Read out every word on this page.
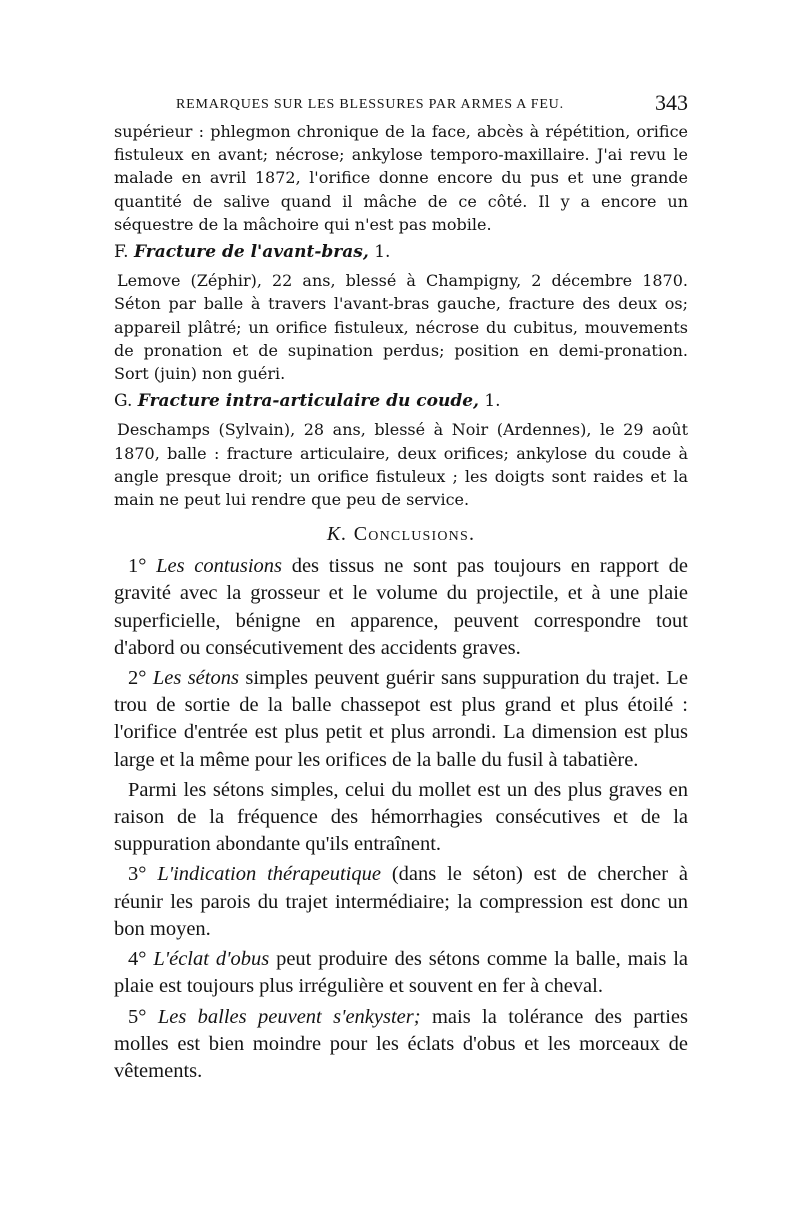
REMARQUES SUR LES BLESSURES PAR ARMES A FEU.	343

supérieur : phlegmon chronique de la face, abcès à répétition, orifice fistuleux en avant; nécrose; ankylose temporo-maxillaire. J'ai revu le malade en avril 1872, l'orifice donne encore du pus et une grande quantité de salive quand il mâche de ce côté. Il y a encore un séquestre de la mâchoire qui n'est pas mobile.

F. Fracture de l'avant-bras, 1.

Lemove (Zéphir), 22 ans, blessé à Champigny, 2 décembre 1870. Séton par balle à travers l'avant-bras gauche, fracture des deux os; appareil plâtré; un orifice fistuleux, nécrose du cubitus, mouvements de pronation et de supination perdus; position en demi-pronation. Sort (juin) non guéri.

G. Fracture intra-articulaire du coude, 1.

Deschamps (Sylvain), 28 ans, blessé à Noir (Ardennes), le 29 août 1870, balle : fracture articulaire, deux orifices; ankylose du coude à angle presque droit; un orifice fistuleux ; les doigts sont raides et la main ne peut lui rendre que peu de service.

K. Conclusions.

1° Les contusions des tissus ne sont pas toujours en rapport de gravité avec la grosseur et le volume du projectile, et à une plaie superficielle, bénigne en apparence, peuvent correspondre tout d'abord ou consécutivement des accidents graves.

2° Les sétons simples peuvent guérir sans suppuration du trajet. Le trou de sortie de la balle chassepot est plus grand et plus étoilé : l'orifice d'entrée est plus petit et plus arrondi. La dimension est plus large et la même pour les orifices de la balle du fusil à tabatière.

Parmi les sétons simples, celui du mollet est un des plus graves en raison de la fréquence des hémorrhagies consécutives et de la suppuration abondante qu'ils entraînent.

3° L'indication thérapeutique (dans le séton) est de chercher à réunir les parois du trajet intermédiaire; la compression est donc un bon moyen.

4° L'éclat d'obus peut produire des sétons comme la balle, mais la plaie est toujours plus irrégulière et souvent en fer à cheval.

5° Les balles peuvent s'enkyster; mais la tolérance des parties molles est bien moindre pour les éclats d'obus et les morceaux de vêtements.
